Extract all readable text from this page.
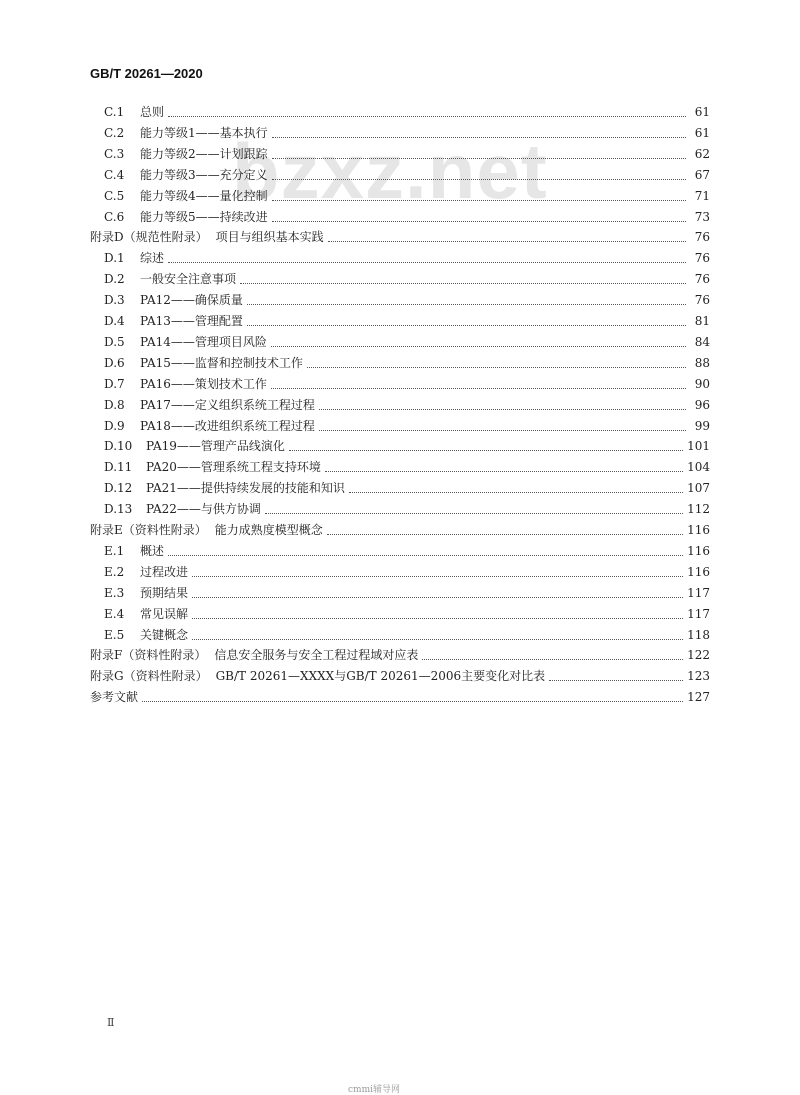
GB/T 20261—2020
bzxz.net
C.1	总则	61
C.2	能力等级1——基本执行	61
C.3	能力等级2——计划跟踪	62
C.4	能力等级3——充分定义	67
C.5	能力等级4——量化控制	71
C.6	能力等级5——持续改进	73
附录D（规范性附录） 项目与组织基本实践	76
D.1	综述	76
D.2	一般安全注意事项	76
D.3	PA12——确保质量	76
D.4	PA13——管理配置	81
D.5	PA14——管理项目风险	84
D.6	PA15——监督和控制技术工作	88
D.7	PA16——策划技术工作	90
D.8	PA17——定义组织系统工程过程	96
D.9	PA18——改进组织系统工程过程	99
D.10	PA19——管理产品线演化	101
D.11	PA20——管理系统工程支持环境	104
D.12	PA21——提供持续发展的技能和知识	107
D.13	PA22——与供方协调	112
附录E（资料性附录） 能力成熟度模型概念	116
E.1	概述	116
E.2	过程改进	116
E.3	预期结果	117
E.4	常见误解	117
E.5	关键概念	118
附录F（资料性附录） 信息安全服务与安全工程过程域对应表	122
附录G（资料性附录） GB/T 20261—XXXX与GB/T 20261—2006主要变化对比表	123
参考文献	127
Ⅱ
cmmi辅导网
